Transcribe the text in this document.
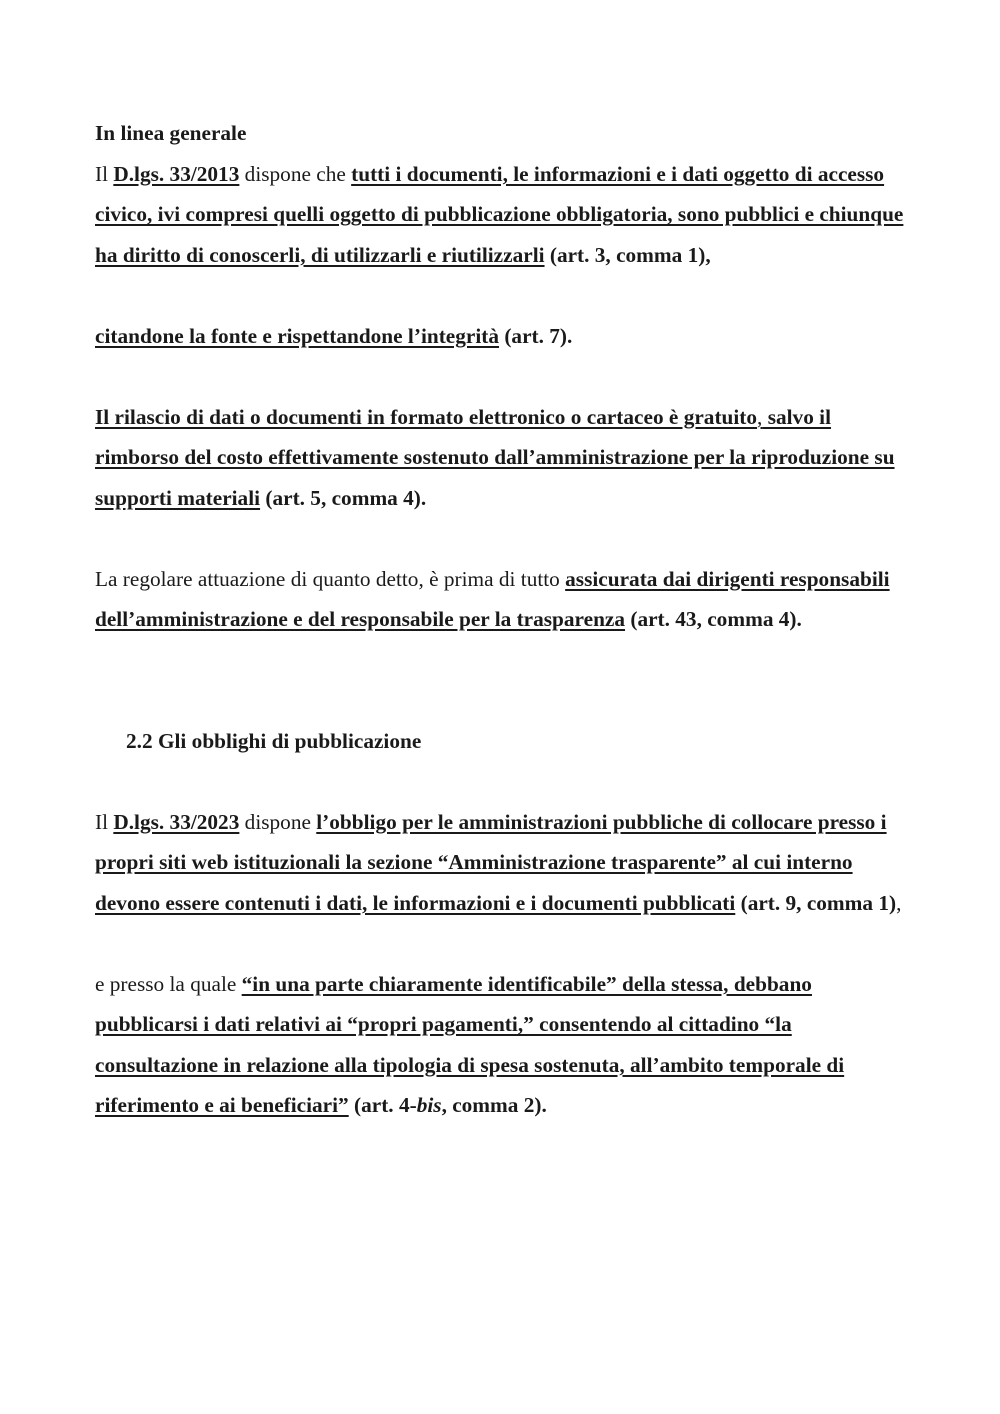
In linea generale

Il D.lgs. 33/2013 dispone che tutti i documenti, le informazioni e i dati oggetto di accesso civico, ivi compresi quelli oggetto di pubblicazione obbligatoria, sono pubblici e chiunque ha diritto di conoscerli, di utilizzarli e riutilizzarli (art. 3, comma 1),

citandone la fonte e rispettandone l’integrità (art. 7).

Il rilascio di dati o documenti in formato elettronico o cartaceo è gratuito, salvo il rimborso del costo effettivamente sostenuto dall’amministrazione per la riproduzione su supporti materiali (art. 5, comma 4).

La regolare attuazione di quanto detto, è prima di tutto assicurata dai dirigenti responsabili dell’amministrazione e del responsabile per la trasparenza (art. 43, comma 4).

2.2 Gli obblighi di pubblicazione

Il D.lgs. 33/2023 dispone l’obbligo per le amministrazioni pubbliche di collocare presso i propri siti web istituzionali la sezione “Amministrazione trasparente” al cui interno devono essere contenuti i dati, le informazioni e i documenti pubblicati (art. 9, comma 1),

e presso la quale “in una parte chiaramente identificabile” della stessa, debbano pubblicarsi i dati relativi ai “propri pagamenti,” consentendo al cittadino “la consultazione in relazione alla tipologia di spesa sostenuta, all’ambito temporale di riferimento e ai beneficiari” (art. 4-bis, comma 2).
